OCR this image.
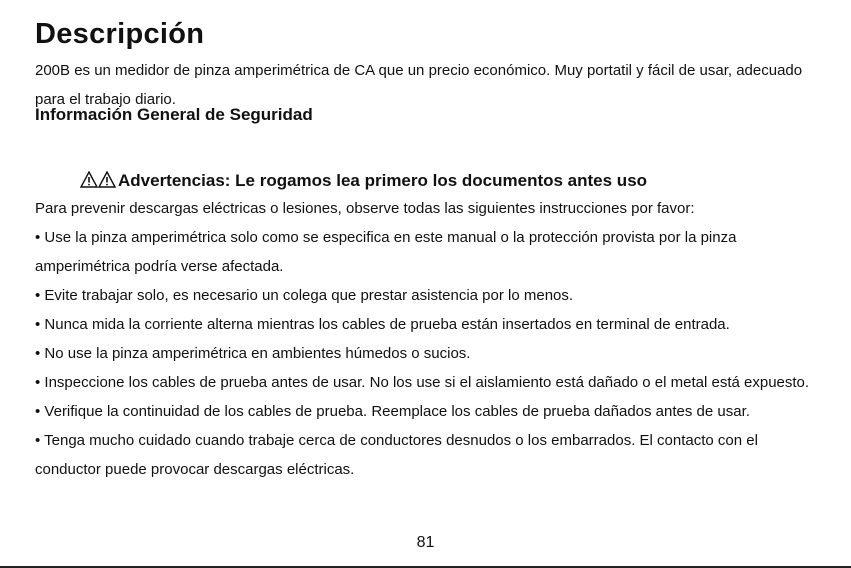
Descripción

200B es un medidor de pinza amperimétrica de CA que un precio económico. Muy portatil y fácil de usar, adecuado para el trabajo diario.

Información General de Seguridad
Advertencias: Le rogamos lea primero los documentos antes uso
Para prevenir descargas eléctricas o lesiones, observe todas las siguientes instrucciones por favor:
• Use la pinza amperimétrica solo como se especifica en este manual o la protección provista por la pinza amperimétrica podría verse afectada.
• Evite trabajar solo, es necesario un colega que prestar asistencia por lo menos.
• Nunca mida la corriente alterna mientras los cables de prueba están insertados en terminal de entrada.
• No use la pinza amperimétrica en ambientes húmedos o sucios.
• Inspeccione los cables de prueba antes de usar. No los use si el aislamiento está dañado o el metal está expuesto.
• Verifique la continuidad de los cables de prueba. Reemplace los cables de prueba dañados antes de usar.
• Tenga mucho cuidado cuando trabaje cerca de conductores desnudos o los embarrados. El contacto con el conductor puede provocar descargas eléctricas.
81
